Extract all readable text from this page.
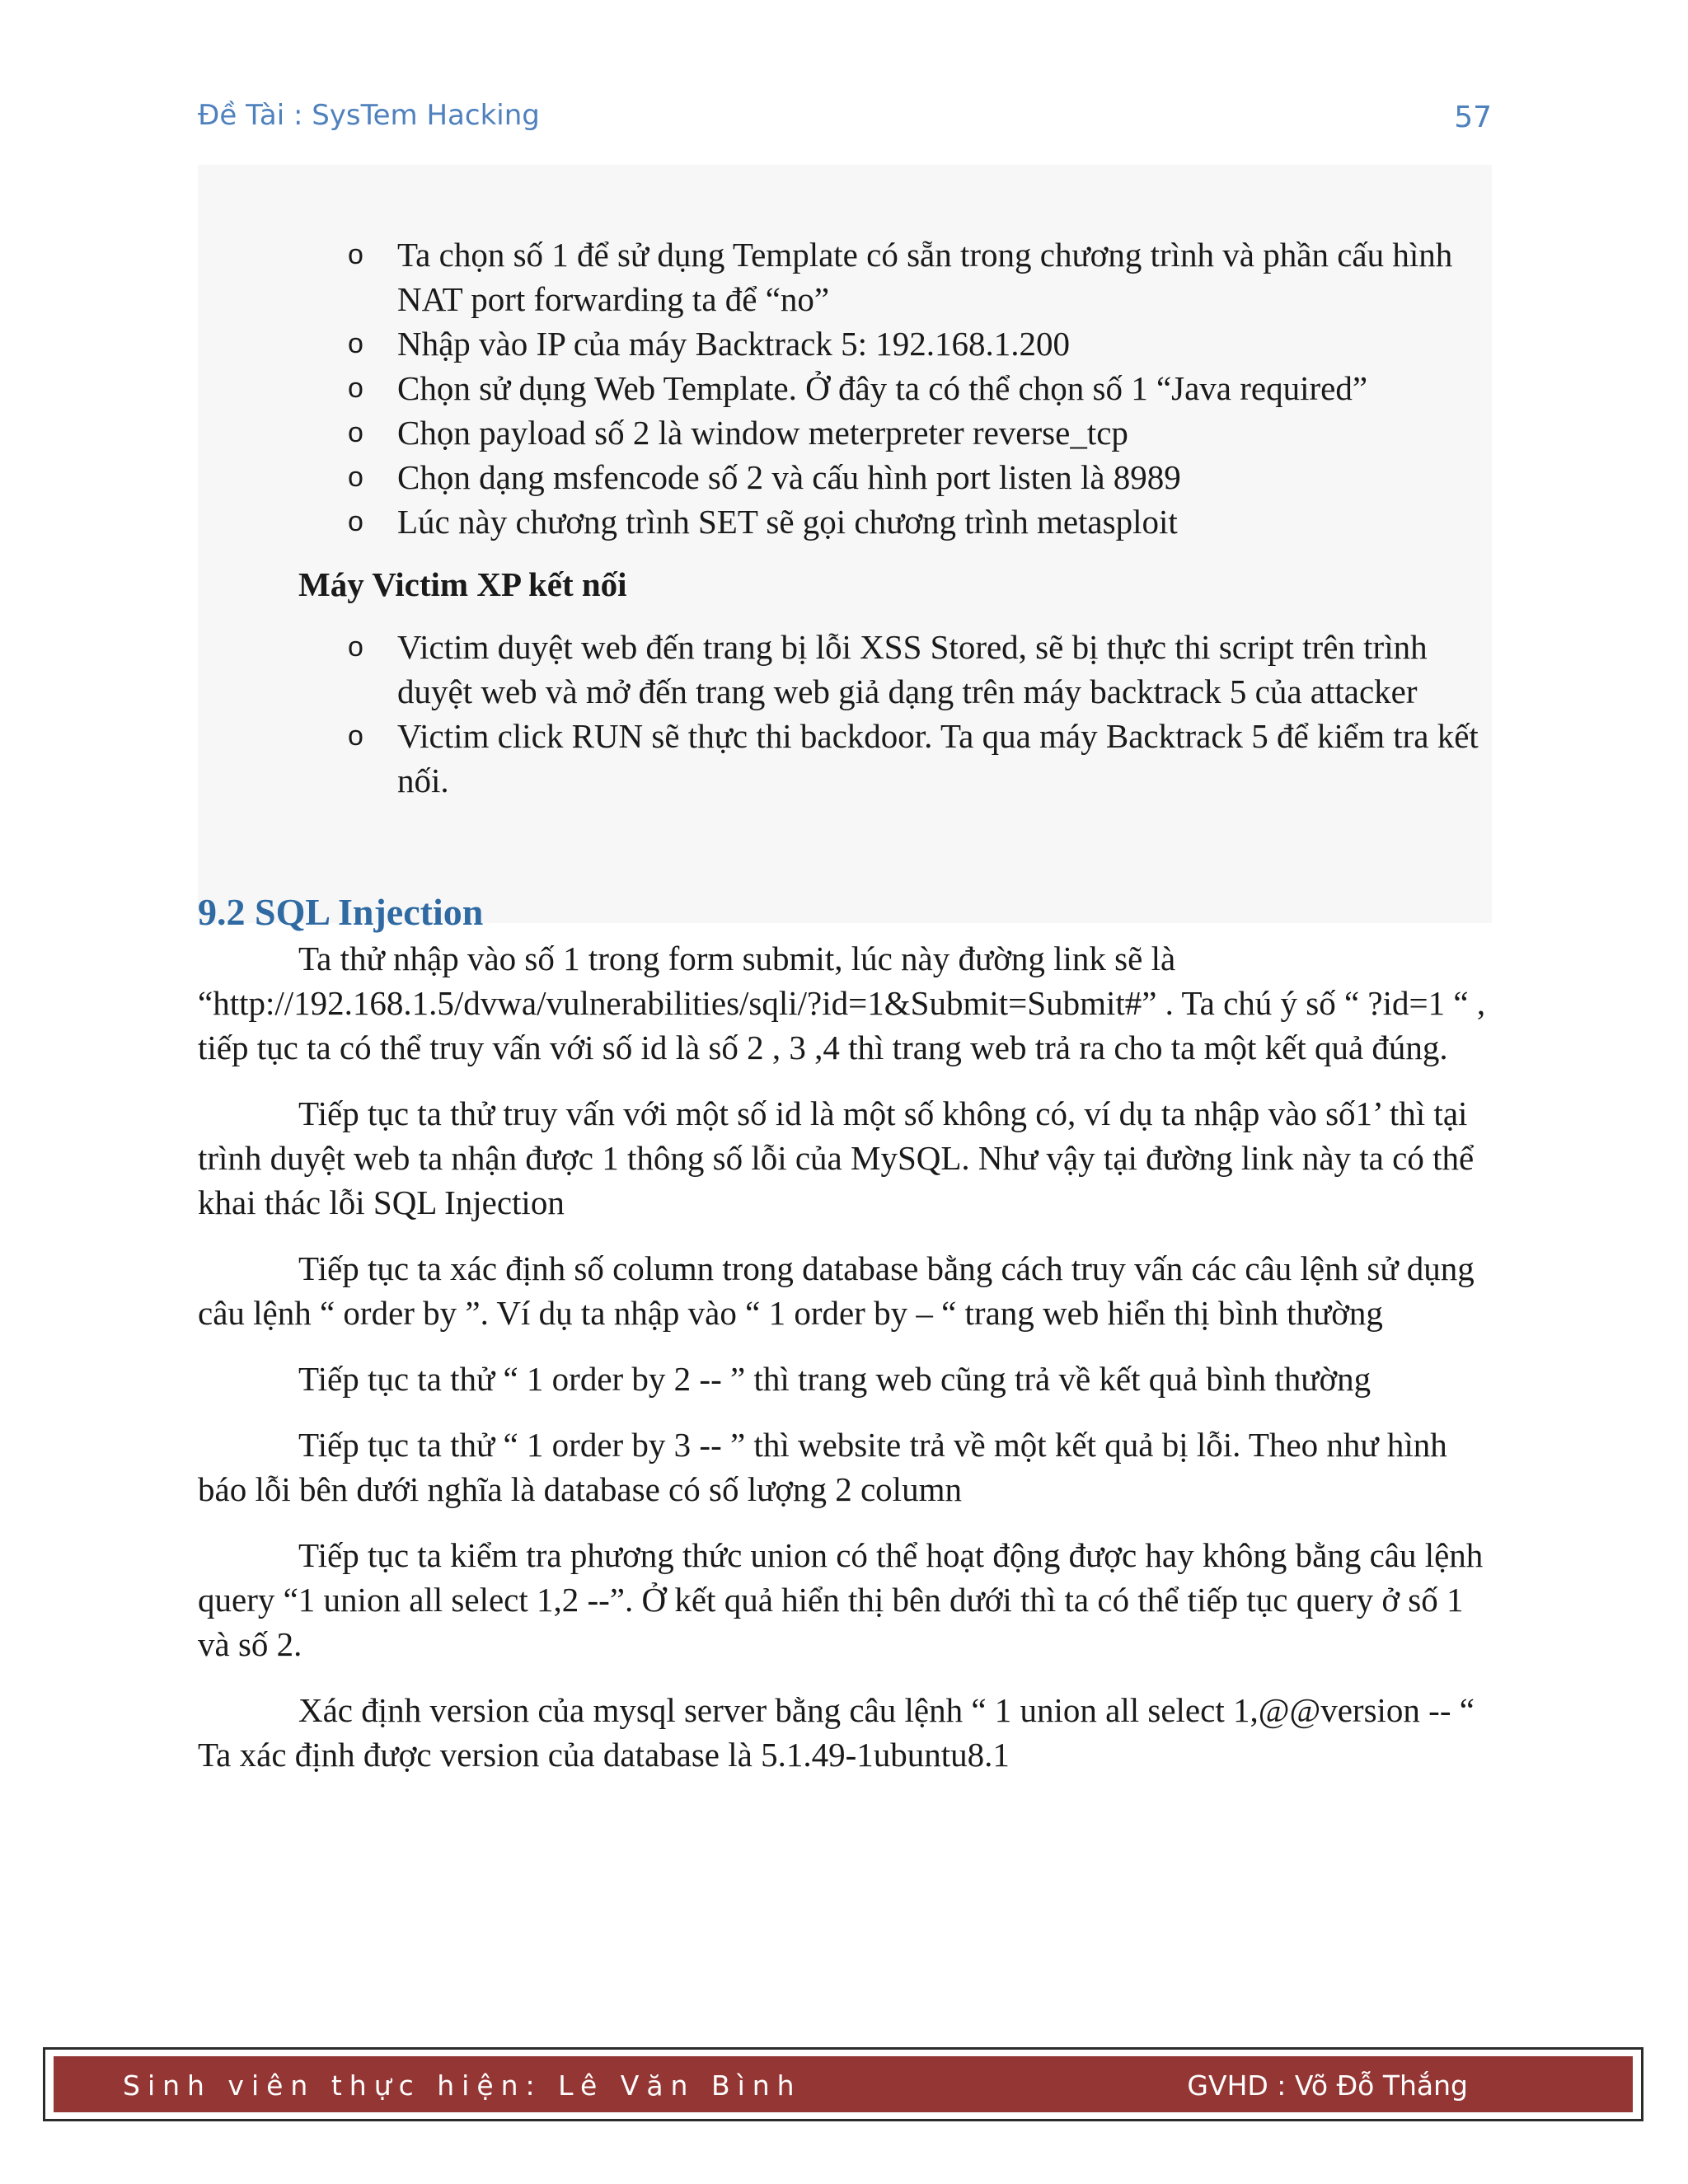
Đề Tài : SysTem Hacking	57
o Ta chọn số 1 để sử dụng Template có sẵn trong chương trình và phần cấu hình NAT port forwarding ta để “no”
o Nhập vào IP của máy Backtrack 5: 192.168.1.200
o Chọn sử dụng Web Template. Ở đây ta có thể chọn số 1 “Java required”
o Chọn payload số 2 là window meterpreter reverse_tcp
o Chọn dạng msfencode số 2 và cấu hình port listen là 8989
o Lúc này chương trình SET sẽ gọi chương trình metasploit
Máy Victim XP kết nối
o Victim duyệt web đến trang bị lỗi XSS Stored, sẽ bị thực thi script trên trình duyệt web và mở đến trang web giả dạng trên máy backtrack 5 của attacker
o Victim click RUN sẽ thực thi backdoor. Ta qua máy Backtrack 5 để kiểm tra kết nối.
9.2 SQL Injection

Ta thử nhập vào số 1 trong form submit, lúc này đường link sẽ là “http://192.168.1.5/dvwa/vulnerabilities/sqli/?id=1&Submit=Submit#” . Ta chú ý số “ ?id=1 “ , tiếp tục ta có thể truy vấn với số id là số 2 , 3 ,4 thì trang web trả ra cho ta một kết quả đúng.

Tiếp tục ta thử truy vấn với một số id là một số không có, ví dụ ta nhập vào số1’ thì tại trình duyệt web ta nhận được 1 thông số lỗi của MySQL. Như vậy tại đường link này ta có thể khai thác lỗi SQL Injection

Tiếp tục ta xác định số column trong database bằng cách truy vấn các câu lệnh sử dụng câu lệnh “ order by ”. Ví dụ ta nhập vào “ 1 order by – “ trang web hiển thị bình thường

Tiếp tục ta thử “ 1 order by 2 -- ” thì trang web cũng trả về kết quả bình thường

Tiếp tục ta thử “ 1 order by 3 -- ” thì website trả về một kết quả bị lỗi. Theo như hình báo lỗi bên dưới nghĩa là database có số lượng 2 column

Tiếp tục ta kiểm tra phương thức union có thể hoạt động được hay không bằng câu lệnh query “1 union all select 1,2 --”. Ở kết quả hiển thị bên dưới thì ta có thể tiếp tục query ở số 1 và số 2.

Xác định version của mysql server bằng câu lệnh “ 1 union all select 1,@@version -- “ Ta xác định được version của database là 5.1.49-1ubuntu8.1

Sinh viên thực hiện: Lê Văn Bình	GVHD : Võ Đỗ Thắng
